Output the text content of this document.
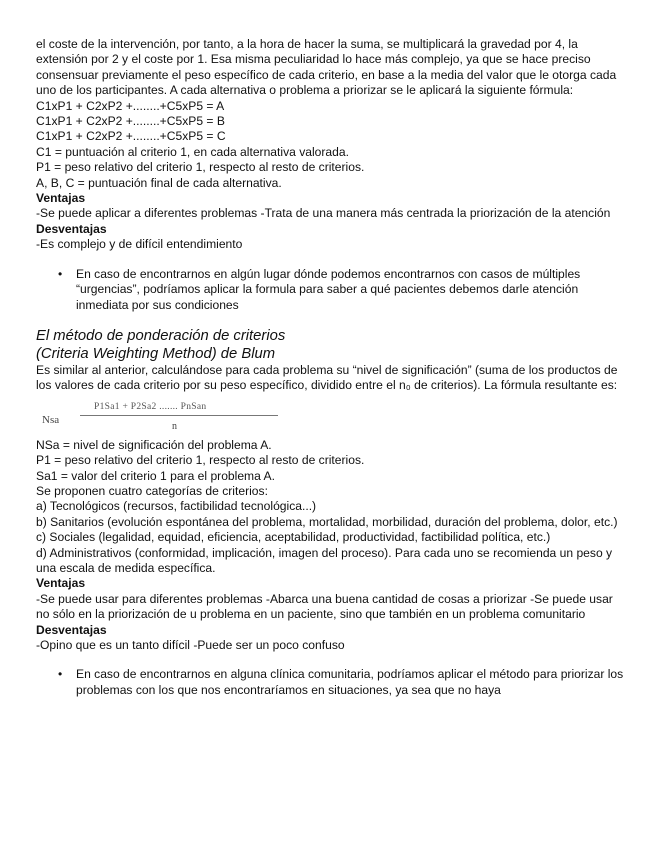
el coste de la intervención, por tanto, a la hora de hacer la suma, se multiplicará la gravedad por 4, la extensión por 2 y el coste por 1. Esa misma peculiaridad lo hace más complejo, ya que se hace preciso consensuar previamente el peso específico de cada criterio, en base a la media del valor que le otorga cada uno de los participantes. A cada alternativa o problema a priorizar se le aplicará la siguiente fórmula:

C1xP1 + C2xP2 +........+C5xP5 = A

C1xP1 + C2xP2 +........+C5xP5 = B

C1xP1 + C2xP2 +........+C5xP5 = C

C1 = puntuación al criterio 1, en cada alternativa valorada.

P1 = peso relativo del criterio 1, respecto al resto de criterios.

A, B, C = puntuación final de cada alternativa.

Ventajas

-Se puede aplicar a diferentes problemas -Trata de una manera más centrada la priorización de la atención

Desventajas

-Es complejo y de difícil entendimiento

• En caso de encontrarnos en algún lugar dónde podemos encontrarnos con casos de múltiples “urgencias”, podríamos aplicar la formula para saber a qué pacientes debemos darle atención inmediata por sus condiciones

El método de ponderación de criterios

(Criteria Weighting Method) de Blum

Es similar al anterior, calculándose para cada problema su “nivel de significación” (suma de los productos de los valores de cada criterio por su peso específico, dividido entre el n₀ de criterios). La fórmula resultante es:

Nsa
P1Sa1 + P2Sa2 ....... PnSan
n

NSa = nivel de significación del problema A.

P1 = peso relativo del criterio 1, respecto al resto de criterios.

Sa1 = valor del criterio 1 para el problema A.

Se proponen cuatro categorías de criterios:

a) Tecnológicos (recursos, factibilidad tecnológica...)

b) Sanitarios (evolución espontánea del problema, mortalidad, morbilidad, duración del problema, dolor, etc.)

c) Sociales (legalidad, equidad, eficiencia, aceptabilidad, productividad, factibilidad política, etc.)

d) Administrativos (conformidad, implicación, imagen del proceso). Para cada uno se recomienda un peso y una escala de medida específica.

Ventajas

-Se puede usar para diferentes problemas -Abarca una buena cantidad de cosas a priorizar -Se puede usar no sólo en la priorización de u problema en un paciente, sino que también en un problema comunitario

Desventajas

-Opino que es un tanto difícil -Puede ser un poco confuso

• En caso de encontrarnos en alguna clínica comunitaria, podríamos aplicar el método para priorizar los problemas con los que nos encontraríamos en situaciones, ya sea que no haya
